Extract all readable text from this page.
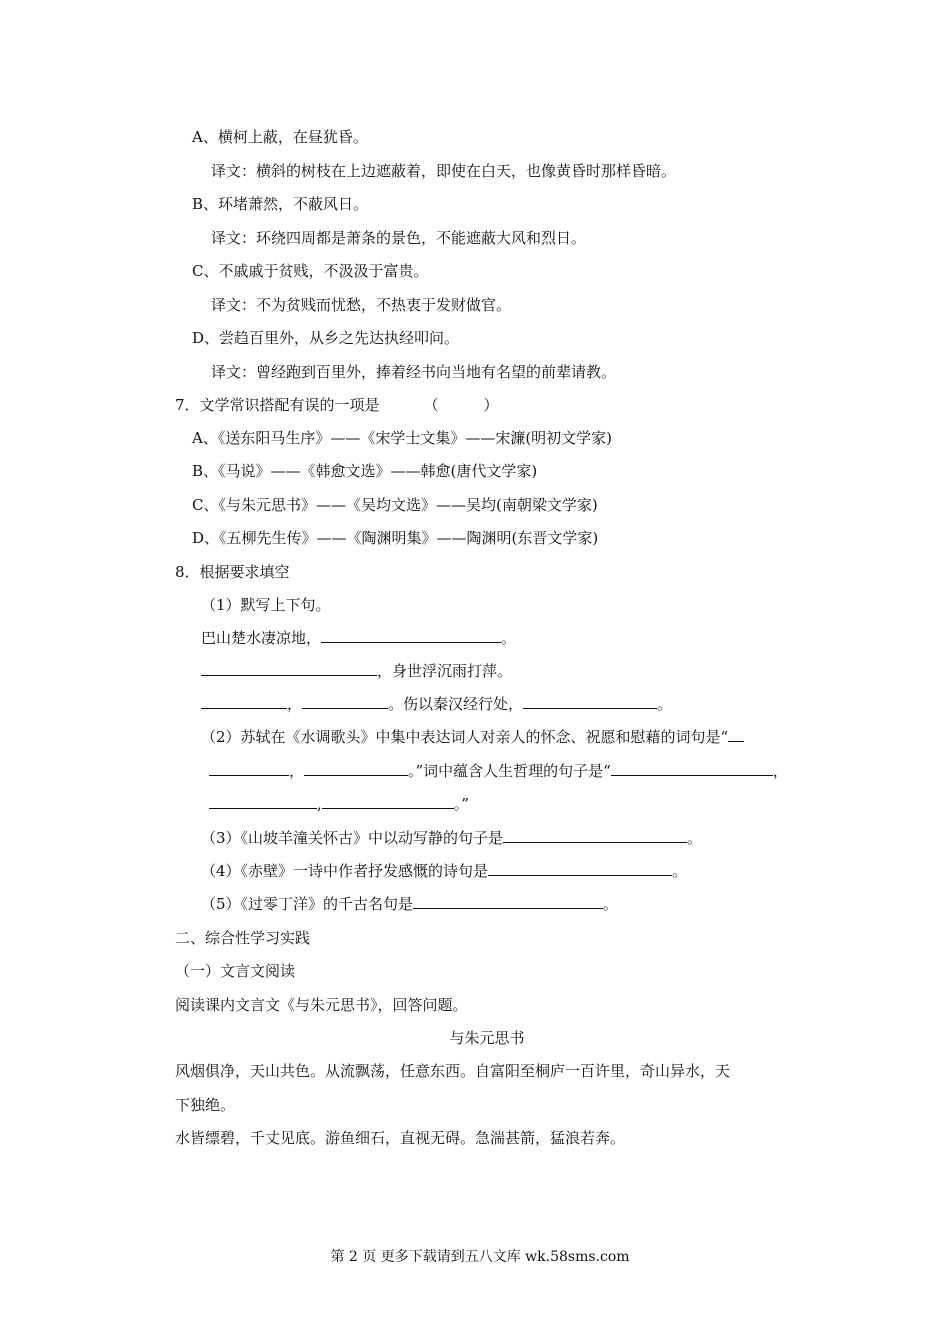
A、横柯上蔽，在昼犹昏。
译文：横斜的树枝在上边遮蔽着，即使在白天，也像黄昏时那样昏暗。
B、环堵萧然，不蔽风日。
译文：环绕四周都是萧条的景色，不能遮蔽大风和烈日。
C、不戚戚于贫贱，不汲汲于富贵。
译文：不为贫贱而忧愁，不热衷于发财做官。
D、尝趋百里外，从乡之先达执经叩问。
译文：曾经跑到百里外，捧着经书向当地有名望的前辈请教。
7．文学常识搭配有误的一项是	（　　　）
A、《送东阳马生序》——《宋学士文集》——宋濂(明初文学家)
B、《马说》——《韩愈文选》——韩愈(唐代文学家)
C、《与朱元思书》——《吴均文选》——吴均(南朝梁文学家)
D、《五柳先生传》——《陶渊明集》——陶渊明(东晋文学家)
8．根据要求填空
（1）默写上下句。
巴山楚水凄凉地，	。
，身世浮沉雨打萍。
，	。伤以秦汉经行处，	。
（2）苏轼在《水调歌头》中集中表达词人对亲人的怀念、祝愿和慰藉的词句是“
，	。”词中蕴含人生哲理的句子是“	，
,	。”
（3）《山坡羊潼关怀古》中以动写静的句子是	。
（4）《赤壁》一诗中作者抒发感慨的诗句是	。
（5）《过零丁洋》的千古名句是	。
二、综合性学习实践
（一）文言文阅读
阅读课内文言文《与朱元思书》，回答问题。
与朱元思书
风烟俱净，天山共色。从流飘荡，任意东西。自富阳至桐庐一百许里，奇山异水，天
下独绝。
水皆缥碧，千丈见底。游鱼细石，直视无碍。急湍甚箭，猛浪若奔。
第 2 页 更多下载请到五八文库 wk.58sms.com
